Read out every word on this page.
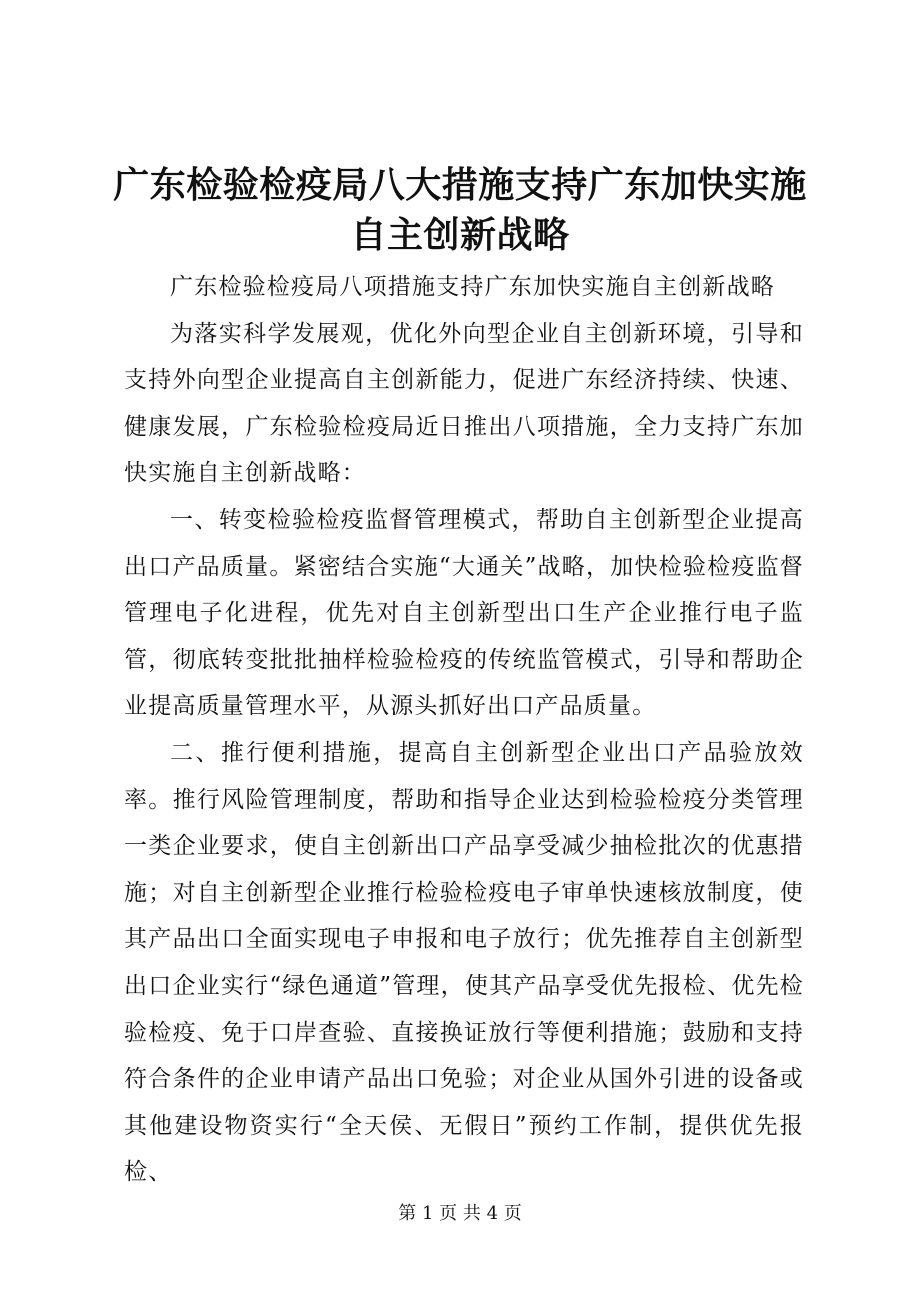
广东检验检疫局八大措施支持广东加快实施自主创新战略

广东检验检疫局八项措施支持广东加快实施自主创新战略

为落实科学发展观，优化外向型企业自主创新环境，引导和支持外向型企业提高自主创新能力，促进广东经济持续、快速、健康发展，广东检验检疫局近日推出八项措施，全力支持广东加快实施自主创新战略：

一、转变检验检疫监督管理模式，帮助自主创新型企业提高出口产品质量。紧密结合实施“大通关”战略，加快检验检疫监督管理电子化进程，优先对自主创新型出口生产企业推行电子监管，彻底转变批批抽样检验检疫的传统监管模式，引导和帮助企业提高质量管理水平，从源头抓好出口产品质量。

二、推行便利措施，提高自主创新型企业出口产品验放效率。推行风险管理制度，帮助和指导企业达到检验检疫分类管理一类企业要求，使自主创新出口产品享受减少抽检批次的优惠措施；对自主创新型企业推行检验检疫电子审单快速核放制度，使其产品出口全面实现电子申报和电子放行；优先推荐自主创新型出口企业实行“绿色通道”管理，使其产品享受优先报检、优先检验检疫、免于口岸查验、直接换证放行等便利措施；鼓励和支持符合条件的企业申请产品出口免验；对企业从国外引进的设备或其他建设物资实行“全天侯、无假日”预约工作制，提供优先报检、

第 1 页 共 4 页
